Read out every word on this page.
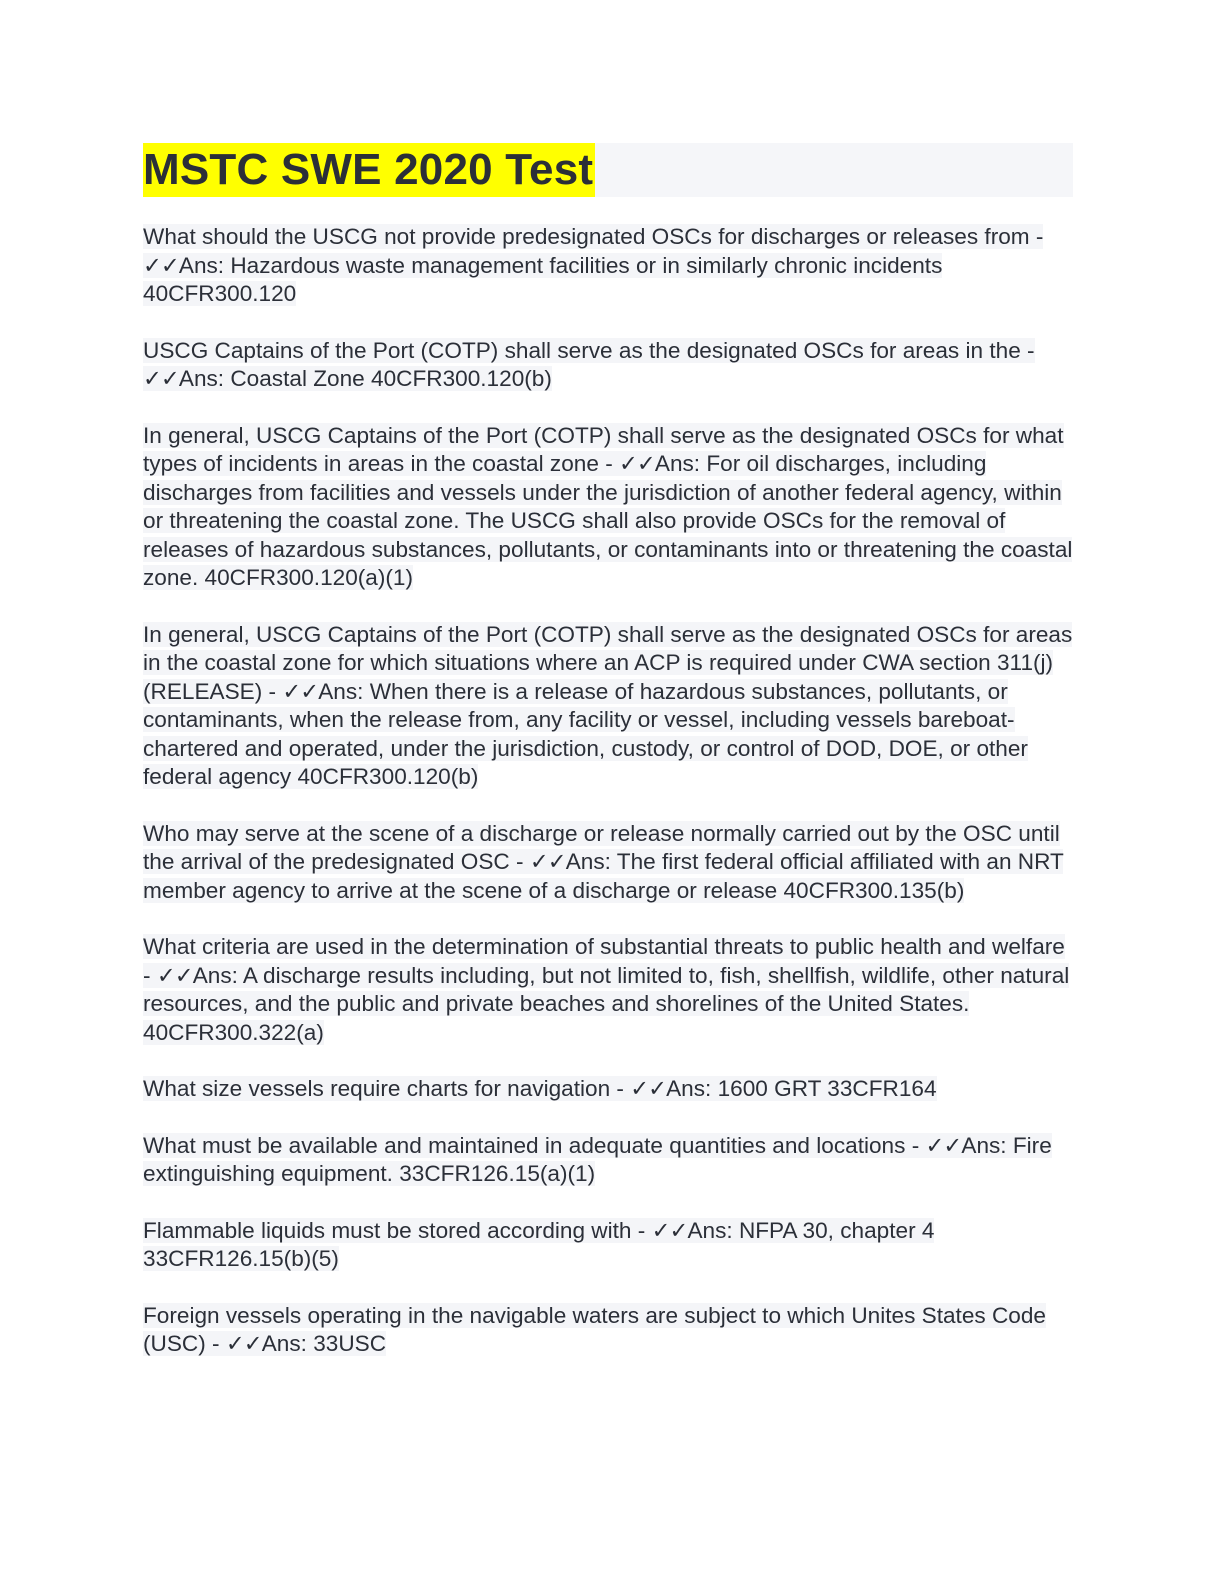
MSTC SWE 2020 Test

What should the USCG not provide predesignated OSCs for discharges or releases from - ✓✓Ans: Hazardous waste management facilities or in similarly chronic incidents 40CFR300.120

USCG Captains of the Port (COTP) shall serve as the designated OSCs for areas in the - ✓✓Ans: Coastal Zone 40CFR300.120(b)

In general, USCG Captains of the Port (COTP) shall serve as the designated OSCs for what types of incidents in areas in the coastal zone - ✓✓Ans: For oil discharges, including discharges from facilities and vessels under the jurisdiction of another federal agency, within or threatening the coastal zone. The USCG shall also provide OSCs for the removal of releases of hazardous substances, pollutants, or contaminants into or threatening the coastal zone. 40CFR300.120(a)(1)

In general, USCG Captains of the Port (COTP) shall serve as the designated OSCs for areas in the coastal zone for which situations where an ACP is required under CWA section 311(j)(RELEASE) - ✓✓Ans: When there is a release of hazardous substances, pollutants, or contaminants, when the release from, any facility or vessel, including vessels bareboat-chartered and operated, under the jurisdiction, custody, or control of DOD, DOE, or other federal agency 40CFR300.120(b)

Who may serve at the scene of a discharge or release normally carried out by the OSC until the arrival of the predesignated OSC - ✓✓Ans: The first federal official affiliated with an NRT member agency to arrive at the scene of a discharge or release 40CFR300.135(b)

What criteria are used in the determination of substantial threats to public health and welfare - ✓✓Ans: A discharge results including, but not limited to, fish, shellfish, wildlife, other natural resources, and the public and private beaches and shorelines of the United States. 40CFR300.322(a)

What size vessels require charts for navigation - ✓✓Ans: 1600 GRT 33CFR164

What must be available and maintained in adequate quantities and locations - ✓✓Ans: Fire extinguishing equipment. 33CFR126.15(a)(1)

Flammable liquids must be stored according with - ✓✓Ans: NFPA 30, chapter 4 33CFR126.15(b)(5)

Foreign vessels operating in the navigable waters are subject to which Unites States Code (USC) - ✓✓Ans: 33USC
